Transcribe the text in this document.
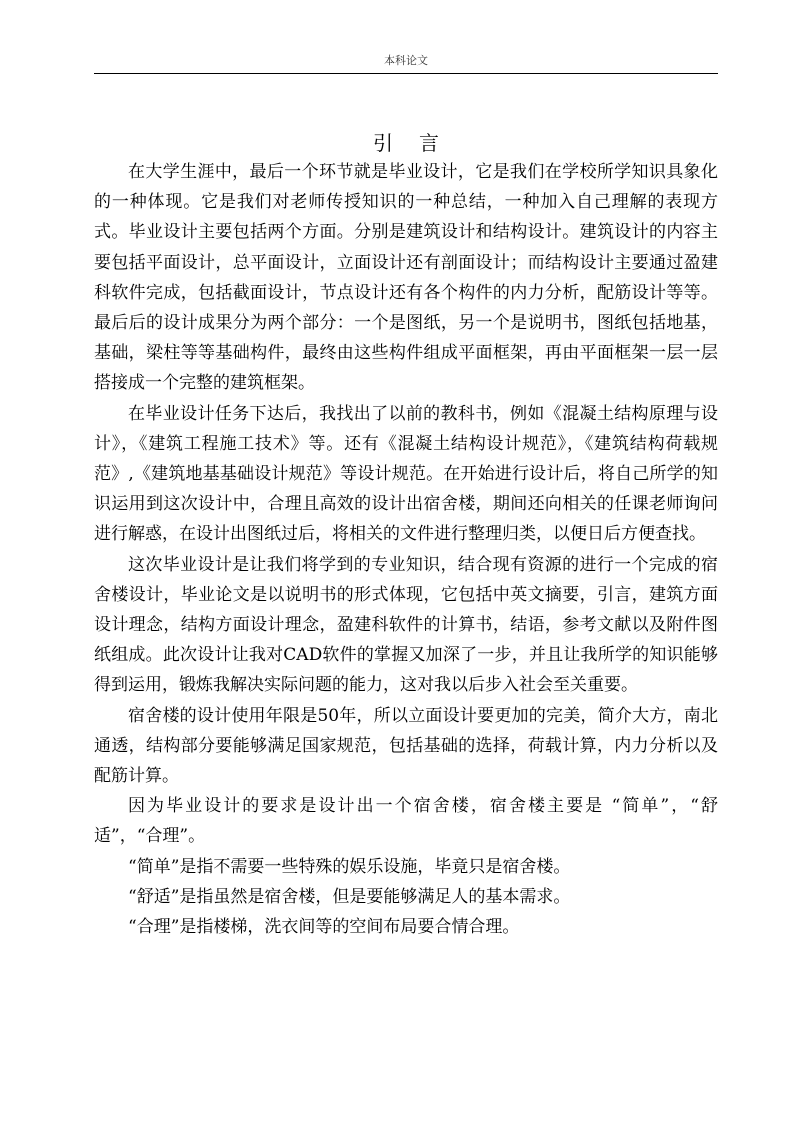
本科论文
引言

在大学生涯中，最后一个环节就是毕业设计，它是我们在学校所学知识具象化的一种体现。它是我们对老师传授知识的一种总结，一种加入自己理解的表现方式。毕业设计主要包括两个方面。分别是建筑设计和结构设计。建筑设计的内容主要包括平面设计，总平面设计，立面设计还有剖面设计；而结构设计主要通过盈建科软件完成，包括截面设计，节点设计还有各个构件的内力分析，配筋设计等等。最后后的设计成果分为两个部分：一个是图纸，另一个是说明书，图纸包括地基，基础，梁柱等等基础构件，最终由这些构件组成平面框架，再由平面框架一层一层搭接成一个完整的建筑框架。

在毕业设计任务下达后，我找出了以前的教科书，例如《混凝土结构原理与设计》，《建筑工程施工技术》等。还有《混凝土结构设计规范》，《建筑结构荷载规范》,《建筑地基基础设计规范》等设计规范。在开始进行设计后，将自己所学的知识运用到这次设计中，合理且高效的设计出宿舍楼，期间还向相关的任课老师询问进行解惑，在设计出图纸过后，将相关的文件进行整理归类，以便日后方便查找。

这次毕业设计是让我们将学到的专业知识，结合现有资源的进行一个完成的宿舍楼设计，毕业论文是以说明书的形式体现，它包括中英文摘要，引言，建筑方面设计理念，结构方面设计理念，盈建科软件的计算书，结语，参考文献以及附件图纸组成。此次设计让我对CAD软件的掌握又加深了一步，并且让我所学的知识能够得到运用，锻炼我解决实际问题的能力，这对我以后步入社会至关重要。

宿舍楼的设计使用年限是50年，所以立面设计要更加的完美，简介大方，南北通透，结构部分要能够满足国家规范，包括基础的选择，荷载计算，内力分析以及配筋计算。

因为毕业设计的要求是设计出一个宿舍楼，宿舍楼主要是 “简单”，“舒适”，“合理”。

“简单”是指不需要一些特殊的娱乐设施，毕竟只是宿舍楼。

“舒适”是指虽然是宿舍楼，但是要能够满足人的基本需求。

“合理”是指楼梯，洗衣间等的空间布局要合情合理。
